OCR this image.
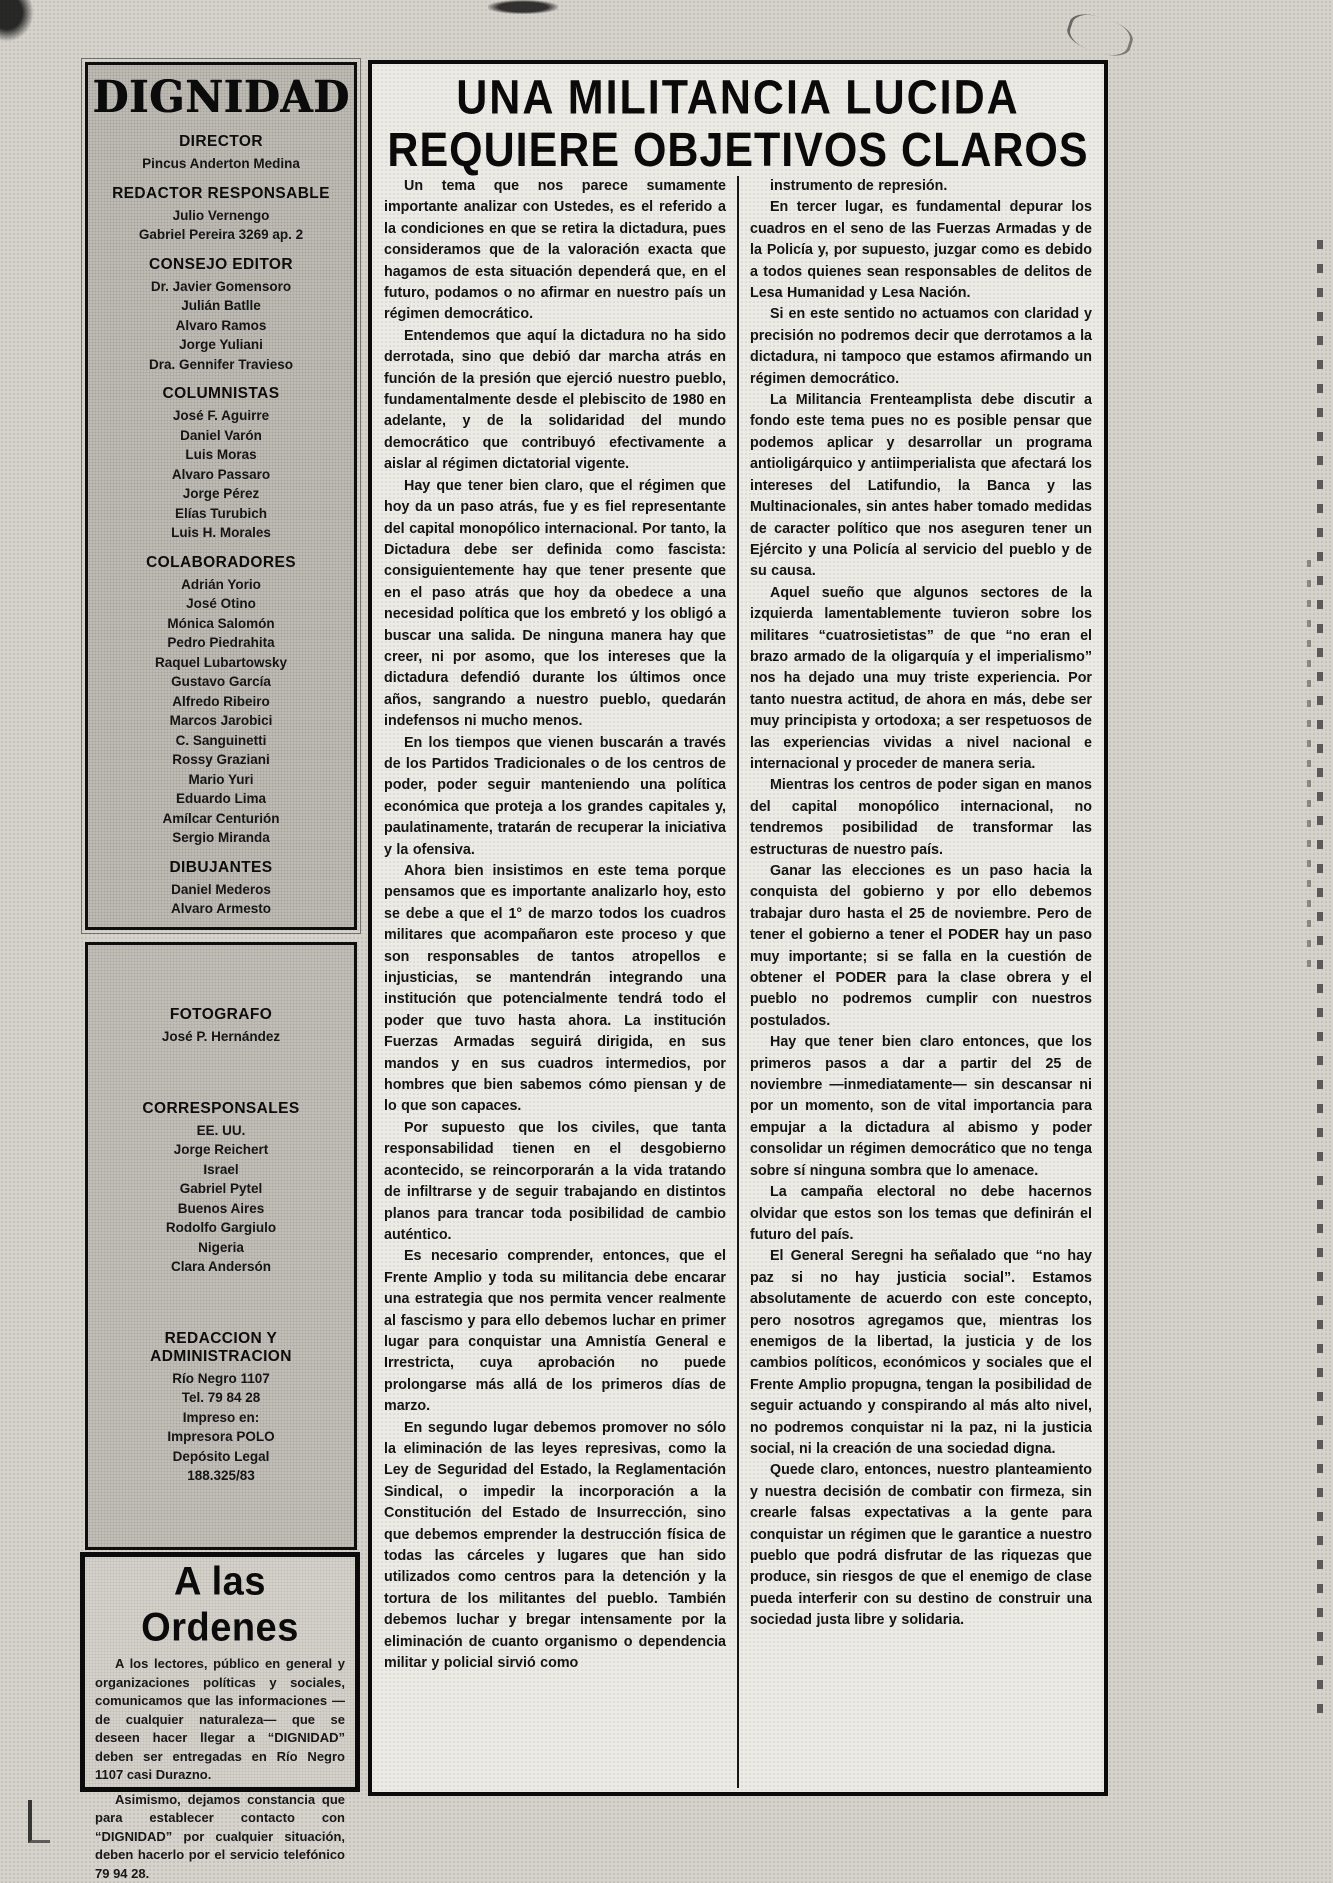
DIGNIDAD
DIRECTOR
Pincus Anderton Medina
REDACTOR RESPONSABLE
Julio Vernengo
Gabriel Pereira 3269 ap. 2
CONSEJO EDITOR
Dr. Javier Gomensoro
Julián Batlle
Alvaro Ramos
Jorge Yuliani
Dra. Gennifer Travieso
COLUMNISTAS
José F. Aguirre
Daniel Varón
Luis Moras
Alvaro Passaro
Jorge Pérez
Elías Turubich
Luis H. Morales
COLABORADORES
Adrián Yorio
José Otino
Mónica Salomón
Pedro Piedrahita
Raquel Lubartowsky
Gustavo García
Alfredo Ribeiro
Marcos Jarobici
C. Sanguinetti
Rossy Graziani
Mario Yuri
Eduardo Lima
Amílcar Centurión
Sergio Miranda
DIBUJANTES
Daniel Mederos
Alvaro Armesto
FOTOGRAFO
José P. Hernández
CORRESPONSALES
EE. UU.
Jorge Reichert
Israel
Gabriel Pytel
Buenos Aires
Rodolfo Gargiulo
Nigeria
Clara Andersón
REDACCION Y ADMINISTRACION
Río Negro 1107
Tel. 79 84 28
Impreso en:
Impresora POLO
Depósito Legal
188.325/83
A las Ordenes

A los lectores, público en general y organizaciones políticas y sociales, comunicamos que las informaciones —de cualquier naturaleza— que se deseen hacer llegar a “DIGNIDAD” deben ser entregadas en Río Negro 1107 casi Durazno.

Asimismo, dejamos constancia que para establecer contacto con “DIGNIDAD” por cualquier situación, deben hacerlo por el servicio telefónico 79 94 28.

UNA MILITANCIA LUCIDA
REQUIERE OBJETIVOS CLAROS

Un tema que nos parece sumamente importante analizar con Ustedes, es el referido a la condiciones en que se retira la dictadura, pues consideramos que de la valoración exacta que hagamos de esta situación dependerá que, en el futuro, podamos o no afirmar en nuestro país un régimen democrático.

Entendemos que aquí la dictadura no ha sido derrotada, sino que debió dar marcha atrás en función de la presión que ejerció nuestro pueblo, fundamentalmente desde el plebiscito de 1980 en adelante, y de la solidaridad del mundo democrático que contribuyó efectivamente a aislar al régimen dictatorial vigente.

Hay que tener bien claro, que el régimen que hoy da un paso atrás, fue y es fiel representante del capital monopólico internacional. Por tanto, la Dictadura debe ser definida como fascista: consiguientemente hay que tener presente que en el paso atrás que hoy da obedece a una necesidad política que los embretó y los obligó a buscar una salida. De ninguna manera hay que creer, ni por asomo, que los intereses que la dictadura defendió durante los últimos once años, sangrando a nuestro pueblo, quedarán indefensos ni mucho menos.

En los tiempos que vienen buscarán a través de los Partidos Tradicionales o de los centros de poder, poder seguir manteniendo una política económica que proteja a los grandes capitales y, paulatinamente, tratarán de recuperar la iniciativa y la ofensiva.

Ahora bien insistimos en este tema porque pensamos que es importante analizarlo hoy, esto se debe a que el 1° de marzo todos los cuadros militares que acompañaron este proceso y que son responsables de tantos atropellos e injusticias, se mantendrán integrando una institución que potencialmente tendrá todo el poder que tuvo hasta ahora. La institución Fuerzas Armadas seguirá dirigida, en sus mandos y en sus cuadros intermedios, por hombres que bien sabemos cómo piensan y de lo que son capaces.

Por supuesto que los civiles, que tanta responsabilidad tienen en el desgobierno acontecido, se reincorporarán a la vida tratando de infiltrarse y de seguir trabajando en distintos planos para trancar toda posibilidad de cambio auténtico.

Es necesario comprender, entonces, que el Frente Amplio y toda su militancia debe encarar una estrategia que nos permita vencer realmente al fascismo y para ello debemos luchar en primer lugar para conquistar una Amnistía General e Irrestricta, cuya aprobación no puede prolongarse más allá de los primeros días de marzo.

En segundo lugar debemos promover no sólo la eliminación de las leyes represivas, como la Ley de Seguridad del Estado, la Reglamentación Sindical, o impedir la incorporación a la Constitución del Estado de Insurrección, sino que debemos emprender la destrucción física de todas las cárceles y lugares que han sido utilizados como centros para la detención y la tortura de los militantes del pueblo. También debemos luchar y bregar intensamente por la eliminación de cuanto organismo o dependencia militar y policial sirvió como

instrumento de represión.

En tercer lugar, es fundamental depurar los cuadros en el seno de las Fuerzas Armadas y de la Policía y, por supuesto, juzgar como es debido a todos quienes sean responsables de delitos de Lesa Humanidad y Lesa Nación.

Si en este sentido no actuamos con claridad y precisión no podremos decir que derrotamos a la dictadura, ni tampoco que estamos afirmando un régimen democrático.

La Militancia Frenteamplista debe discutir a fondo este tema pues no es posible pensar que podemos aplicar y desarrollar un programa antioligárquico y antiimperialista que afectará los intereses del Latifundio, la Banca y las Multinacionales, sin antes haber tomado medidas de caracter político que nos aseguren tener un Ejército y una Policía al servicio del pueblo y de su causa.

Aquel sueño que algunos sectores de la izquierda lamentablemente tuvieron sobre los militares “cuatrosietistas” de que “no eran el brazo armado de la oligarquía y el imperialismo” nos ha dejado una muy triste experiencia. Por tanto nuestra actitud, de ahora en más, debe ser muy principista y ortodoxa; a ser respetuosos de las experiencias vividas a nivel nacional e internacional y proceder de manera seria.

Mientras los centros de poder sigan en manos del capital monopólico internacional, no tendremos posibilidad de transformar las estructuras de nuestro país.

Ganar las elecciones es un paso hacia la conquista del gobierno y por ello debemos trabajar duro hasta el 25 de noviembre. Pero de tener el gobierno a tener el PODER hay un paso muy importante; si se falla en la cuestión de obtener el PODER para la clase obrera y el pueblo no podremos cumplir con nuestros postulados.

Hay que tener bien claro entonces, que los primeros pasos a dar a partir del 25 de noviembre —inmediatamente— sin descansar ni por un momento, son de vital importancia para empujar a la dictadura al abismo y poder consolidar un régimen democrático que no tenga sobre sí ninguna sombra que lo amenace.

La campaña electoral no debe hacernos olvidar que estos son los temas que definirán el futuro del país.

El General Seregni ha señalado que “no hay paz si no hay justicia social”. Estamos absolutamente de acuerdo con este concepto, pero nosotros agregamos que, mientras los enemigos de la libertad, la justicia y de los cambios políticos, económicos y sociales que el Frente Amplio propugna, tengan la posibilidad de seguir actuando y conspirando al más alto nivel, no podremos conquistar ni la paz, ni la justicia social, ni la creación de una sociedad digna.

Quede claro, entonces, nuestro planteamiento y nuestra decisión de combatir con firmeza, sin crearle falsas expectativas a la gente para conquistar un régimen que le garantice a nuestro pueblo que podrá disfrutar de las riquezas que produce, sin riesgos de que el enemigo de clase pueda interferir con su destino de construir una sociedad justa libre y solidaria.
